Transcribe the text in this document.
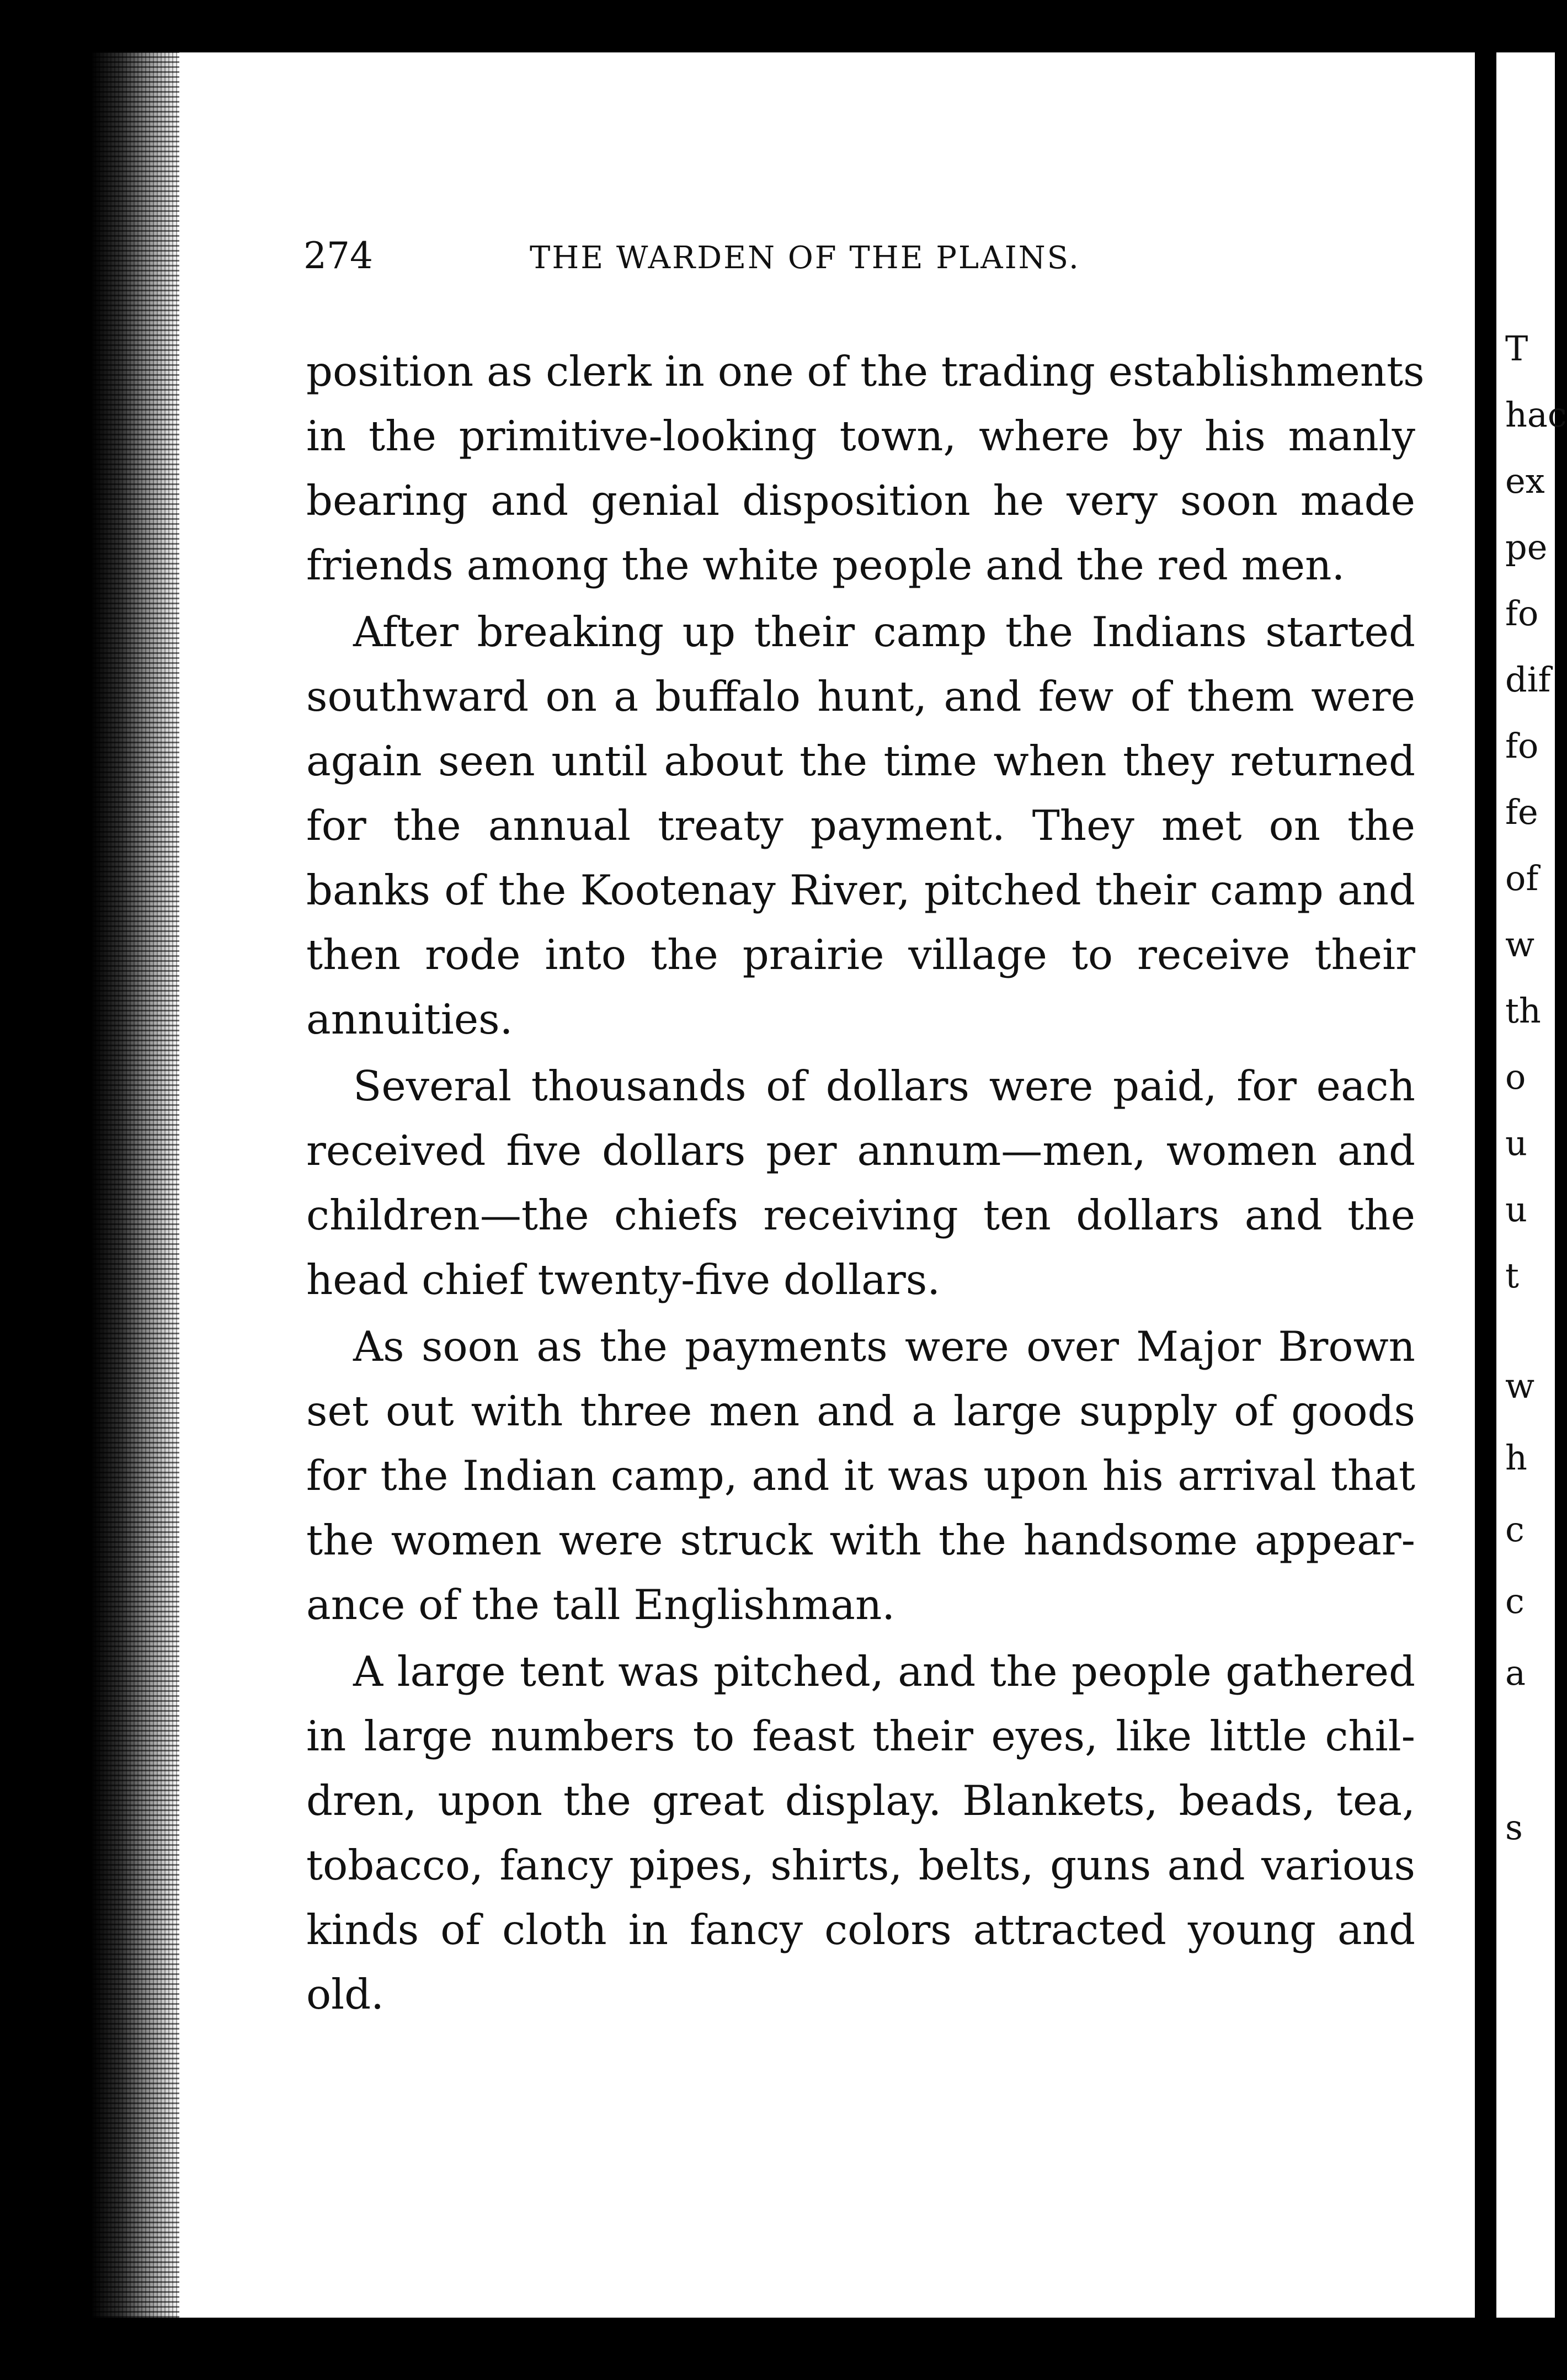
274	THE WARDEN OF THE PLAINS.
position as clerk in one of the trading establishments
in the primitive-looking town, where by his manly
bearing and genial disposition he very soon made
friends among the white people and the red men.
After breaking up their camp the Indians started
southward on a buffalo hunt, and few of them were
again seen until about the time when they returned
for the annual treaty payment. They met on the
banks of the Kootenay River, pitched their camp and
then rode into the prairie village to receive their
annuities.
Several thousands of dollars were paid, for each
received five dollars per annum—men, women and
children—the chiefs receiving ten dollars and the
head chief twenty-five dollars.
As soon as the payments were over Major Brown
set out with three men and a large supply of goods
for the Indian camp, and it was upon his arrival that
the women were struck with the handsome appear-
ance of the tall Englishman.
A large tent was pitched, and the people gathered
in large numbers to feast their eyes, like little chil-
dren, upon the great display. Blankets, beads, tea,
tobacco, fancy pipes, shirts, belts, guns and various
kinds of cloth in fancy colors attracted young and
old.
T
hac
ex
pe
fo
dif
fo
fe
of
w
th
o
u
u
t
w
h
c
c
a
s
